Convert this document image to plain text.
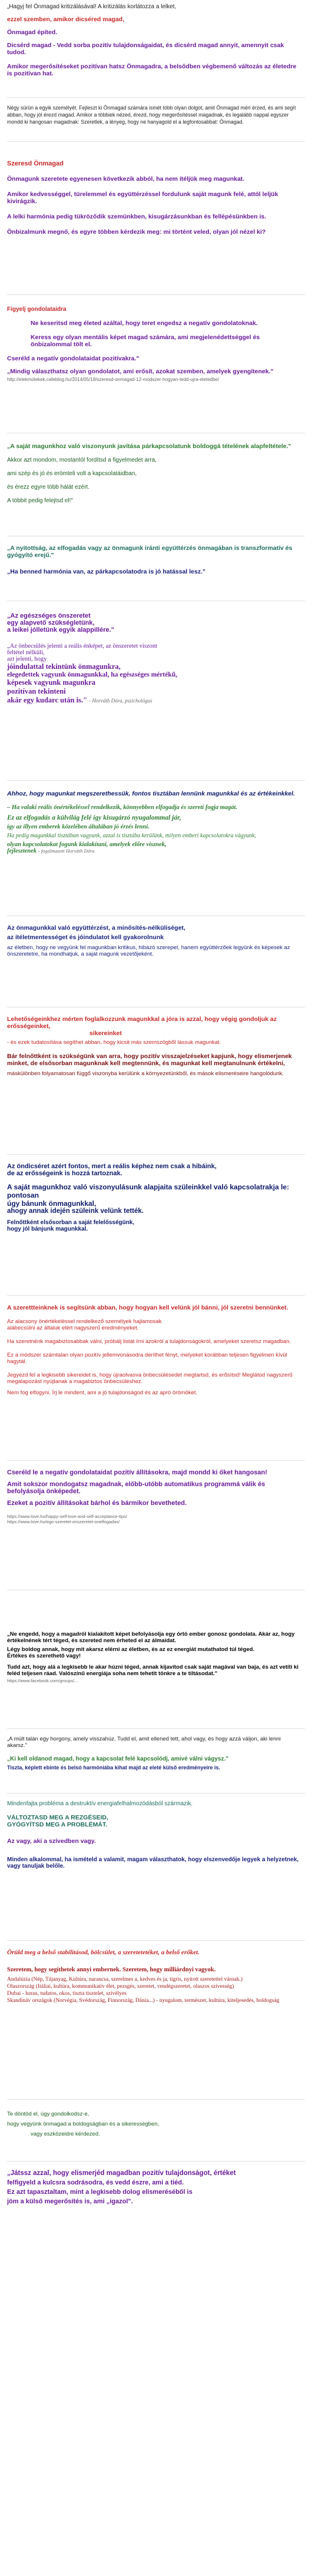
„Hagyj fel Önmagad kritizálásával! A kritizálás korlátozza a lelket,

ezzel szemben, amikor dicséred magad,

Önmagad építed.

Dicsérd magad - Vedd sorba pozitív tulajdonságaidat, és dicsérd magad annyit, amennyit csak tudod.

Amikor megerősítéseket pozitívan hatsz Önmagadra, a belsődben végbemenő változás az életedre is pozitívan hat.

Négy sürün a egyik személyét. Fejleszt ki Önmagad számára ismét több olyan dolgot, amit Önmagad méri érzed, és ami segít abban, hogy jól érezd magad. Amikor a többiek nézed, érezd, hogy megerősítéssel magadnak, és legalább nappal egyszer mondd ki hangosan magadnak: Szeretlek, a lényeg, hogy ne hanyagold el a legfontosabbat: Önmagad.

Szeresd Önmagad

Önmagunk szeretete egyenesen következik abból, ha nem ítéljük meg magunkat.

Amikor kedvességgel, türelemmel és együttérzéssel fordulunk saját magunk felé, attól leljük kivirágzik.

A lelki harmónia pedig tükröződik szemünkben, kisugárzásunkban és fellépésünkben is.

Önbizalmunk megnő, és egyre többen kérdezik meg: mi történt veled, olyan jól nézel ki?

Figyelj gondolataidra

Ne keseritsd meg életed azáltal, hogy teret engedsz a negatív gondolatoknak.

Keress egy olyan mentális képet magad számára, ami megjelenédettséggel és önbizalommal tölt el.

Cseréld a negatív gondolataidat pozitívakra."

„Mindig választhatsz olyan gondolatot, ami erősít, azokat szemben, amelyek gyengítenek."

http://elekmolekek.cafeblog.hu/2014/05/18/szeresd-onmagad-12-modszer-hogyan-tedd-ujra-eletedbe/

„A saját magunkhoz való viszonyunk javítása párkapcsolatunk boldoggá tételének alapfeltétele."

Akkor azt mondom, mostantól fordítsd a figyelmedet arra,

ami szép és jó és erömteli volt a kapcsolatáidban,

és érezz egyre több hálát ezért.

A többit pedig felejtsd el!"

„A nyitottság, az elfogadás vagy az önmagunk iránti együttérzés önmagában is transzformatív és gyógyító erejű."

„Ha benned harmónia van, az párkapcsolatodra is jó hatással lesz."

„Az egészséges önszeretet

egy alapvető szükségletünk,

a leikei jólletünk egyik alappillére."

„Az önbecsülés jelenti a reális énképet, az önszeretet viszont

feltétel nélküli,

azt jelenti, hogy

jóindulattal tekintünk önmagunkra,

elegedettek vagyunk önmagunkkal, ha egészséges mértékű,

képesek vagyunk magunkra

pozitívan tekinteni

akár egy kudarc után is." - Horváth Dóra, pszichológus

Ahhoz, hogy magunkat megszerethessük, fontos tisztában lennünk magunkkal és az értékeinkkel.

– Ha valaki reális önértékeléssel rendelkezik, könnyebben elfogadja és szereti fogja magát.

Ez az elfogadás a külvilág felé így kisugárzó nyugalommal jár,

így az illyen emberek közelében általában jó érzés lenni.

Ha pedig magunkkal tisztában vagyunk, azzal is tisztába kerülünk, milyen emberi kapcsolatokra vágyunk,

olyan kapcsolatokat fogunk kialakítani, amelyek előre visznek,

fejlesztenek - fogalmazott Horváth Dóra

Az önmagunkkal való együttérzést, a minősítés-nélküliséget,

az ítéletmentességet és jóindulatot kell gyakorolnunk

az életben, hogy ne vegyünk fel magunkban kritikus, hibázó szerepet, hanem együttérzőek legyünk és képesek az önszeretetre, ha mondhatjuk, a saját magunk vezetőjeként.

Lehetőségeinkhez mérten foglalkozzunk magunkkal a jóra is azzal, hogy végig gondoljuk az erősségeinket,

sikereinket

- és ezek tudatosítása segíthet abban, hogy kicsit más szemszögből lássuk magunkat.

Bár felnőttként is szükségünk van arra, hogy pozitív visszajelzéseket kapjunk, hogy elismerjenek minket, de elsősorban magunknak kell megtennünk, és magunkat kell megtanulnunk értékelni,

máskülönben folyamatosan függő viszonyba kerülünk a környezetünkből, és mások elismeréseire hangolódunk.

Az öndicséret azért fontos, mert a reális képhez nem csak a hibáink,

de az erősségeink is hozzá tartoznak.

A saját magunkhoz való viszonyulásunk alapjaita szüleinkkel való kapcsolatrakja le: pontosan

úgy bánunk önmagunkkal,

ahogy annak idején szüleink velünk tették.

Felnőttként elsősorban a saját felelősségünk,

hogy jól bánjunk magunkkal.

A szerettteinknek is segítsünk abban, hogy hogyan kell velünk jól bánni, jól szeretni bennünket.

Az alacsony önértékeléssel rendelkező személyek hajlamosak

alábecsülni az általuk elért nagyszerű eredményeket.

Ha szeretnénk magabiztosabbak válni, próbálj listát írni azokról a tulajdonságokról, amelyeket szeretsz magadban.

Ez a módszer számtalan olyan pozitív jellemvonásodra deríthet fényt, melyeket korábban teljesen figyelmen kívül hagytál.

Jegyezd fel a legkisebb sikereidet is, hogy újraolvasva önbecsülésedet megtartsd, és erősítsd! Meglátod nagyszerű megalapozást nyújtanak a magabiztos önbecsüléshez.

Nem fog elfogyni. Írj le mindent, ami a jó tulajdonságod és az apró örömöket.

Cseréld le a negatív gondolataidat pozitív állításokra, majd mondd ki őket hangosan!

Amit sokszor mondogatsz magadnak, előbb-utóbb automatikus programmá válik és befolyásolja önképedet.

Ezeket a pozitív állításokat bárhol és bármikor bevetheted.

https://www.love.hu/happy-self-love-and-self-acceptance-tips/

https://www.love.hu/ego-szeretet-onszeretet-onelfogadas/

„Ne engedd, hogy a magadról kialakított képet befolyásolja egy órtó ember gonosz gondolata. Akár az, hogy értékelnének tért téged, és szereted nem érheted el az álmaidat.

Légy boldog annak, hogy mit akarsz elérni az életben, és az ez energiát mutathatod túl téged.

Értékes és szerethető vagy!

Tudd azt, hogy alá a legkisebb le akar húzni téged, annak kijavítod csak saját magával van baja, és azt vetíti ki feléd teljesen ráad. Valószínű energiája soha nem tehetit tönkre a te tiltásodat."

https://www.facebook.com/groups/...

„A múlt talán egy horgony, amely visszahúz. Tudd el, amit ellened tett, ahol vagy, és hogy azzá váljon, aki lenni akarsz."

„Ki kell oldanod magad, hogy a kapcsolat felé kapcsolódj, amivé válni vágysz."

Tiszta, képlett ebinte és belsó harmóniába kihat majd az eleté külső eredményeire is.

Mindenfajta probléma a destruktív energiafelhalmozódásból származik.

VÁLTOZTASD MEG A REZGÉSEID,

GYÓGYÍTSD MEG A PROBLÉMÁT.

Az vagy, aki a szívedben vagy.

Minden alkalommal, ha ismételd a valamit, magam választhatok, hogy elszenvedője legyek a helyzetnek, vagy tanuljak belőle.

Örüld meg a belső stabilitásod, bölcsület, a szeretetetéket, a belső erőket.

Szeretem, hogy segíthetek annyi embernek. Szeretem, hogy milliárdnyi vagyok.

Andalúzia (Nép, Tájanyag, Kultúra, narancsa, szerelmes a, kedves és ja, tigris, nyitott szeretettel várnak.)

Olaszország (Itáliai, kultúra, kommunikatív élet, pezsgés, szeretet, vendégszeretet, olaszos szívesség)

Dubai - luxus, tudatos, okos, tiszta tisztelet, szívélyes

Skandináv országok (Norvégia, Svédország, Finnország, Dánia...) - nyugalom, természet, kultúra, kiteljesedés, boldogság

Te döntöd el, úgy gondolkodsz-e,

hogy vegyünk önmagad a boldogságban és a sikerességben,

vagy eszközeidre kérdezed.

„Játssz azzal, hogy elismerjéd magadban pozitív tulajdonságot, értéket

felfigyeld a kulcsra sodrásodra, és vedd észre, ami a tiéd.

Ez azt tapasztaltam, mint a legkisebb dolog elismeréséből is

jöm a külső megerősítés is, ami „igazol".
